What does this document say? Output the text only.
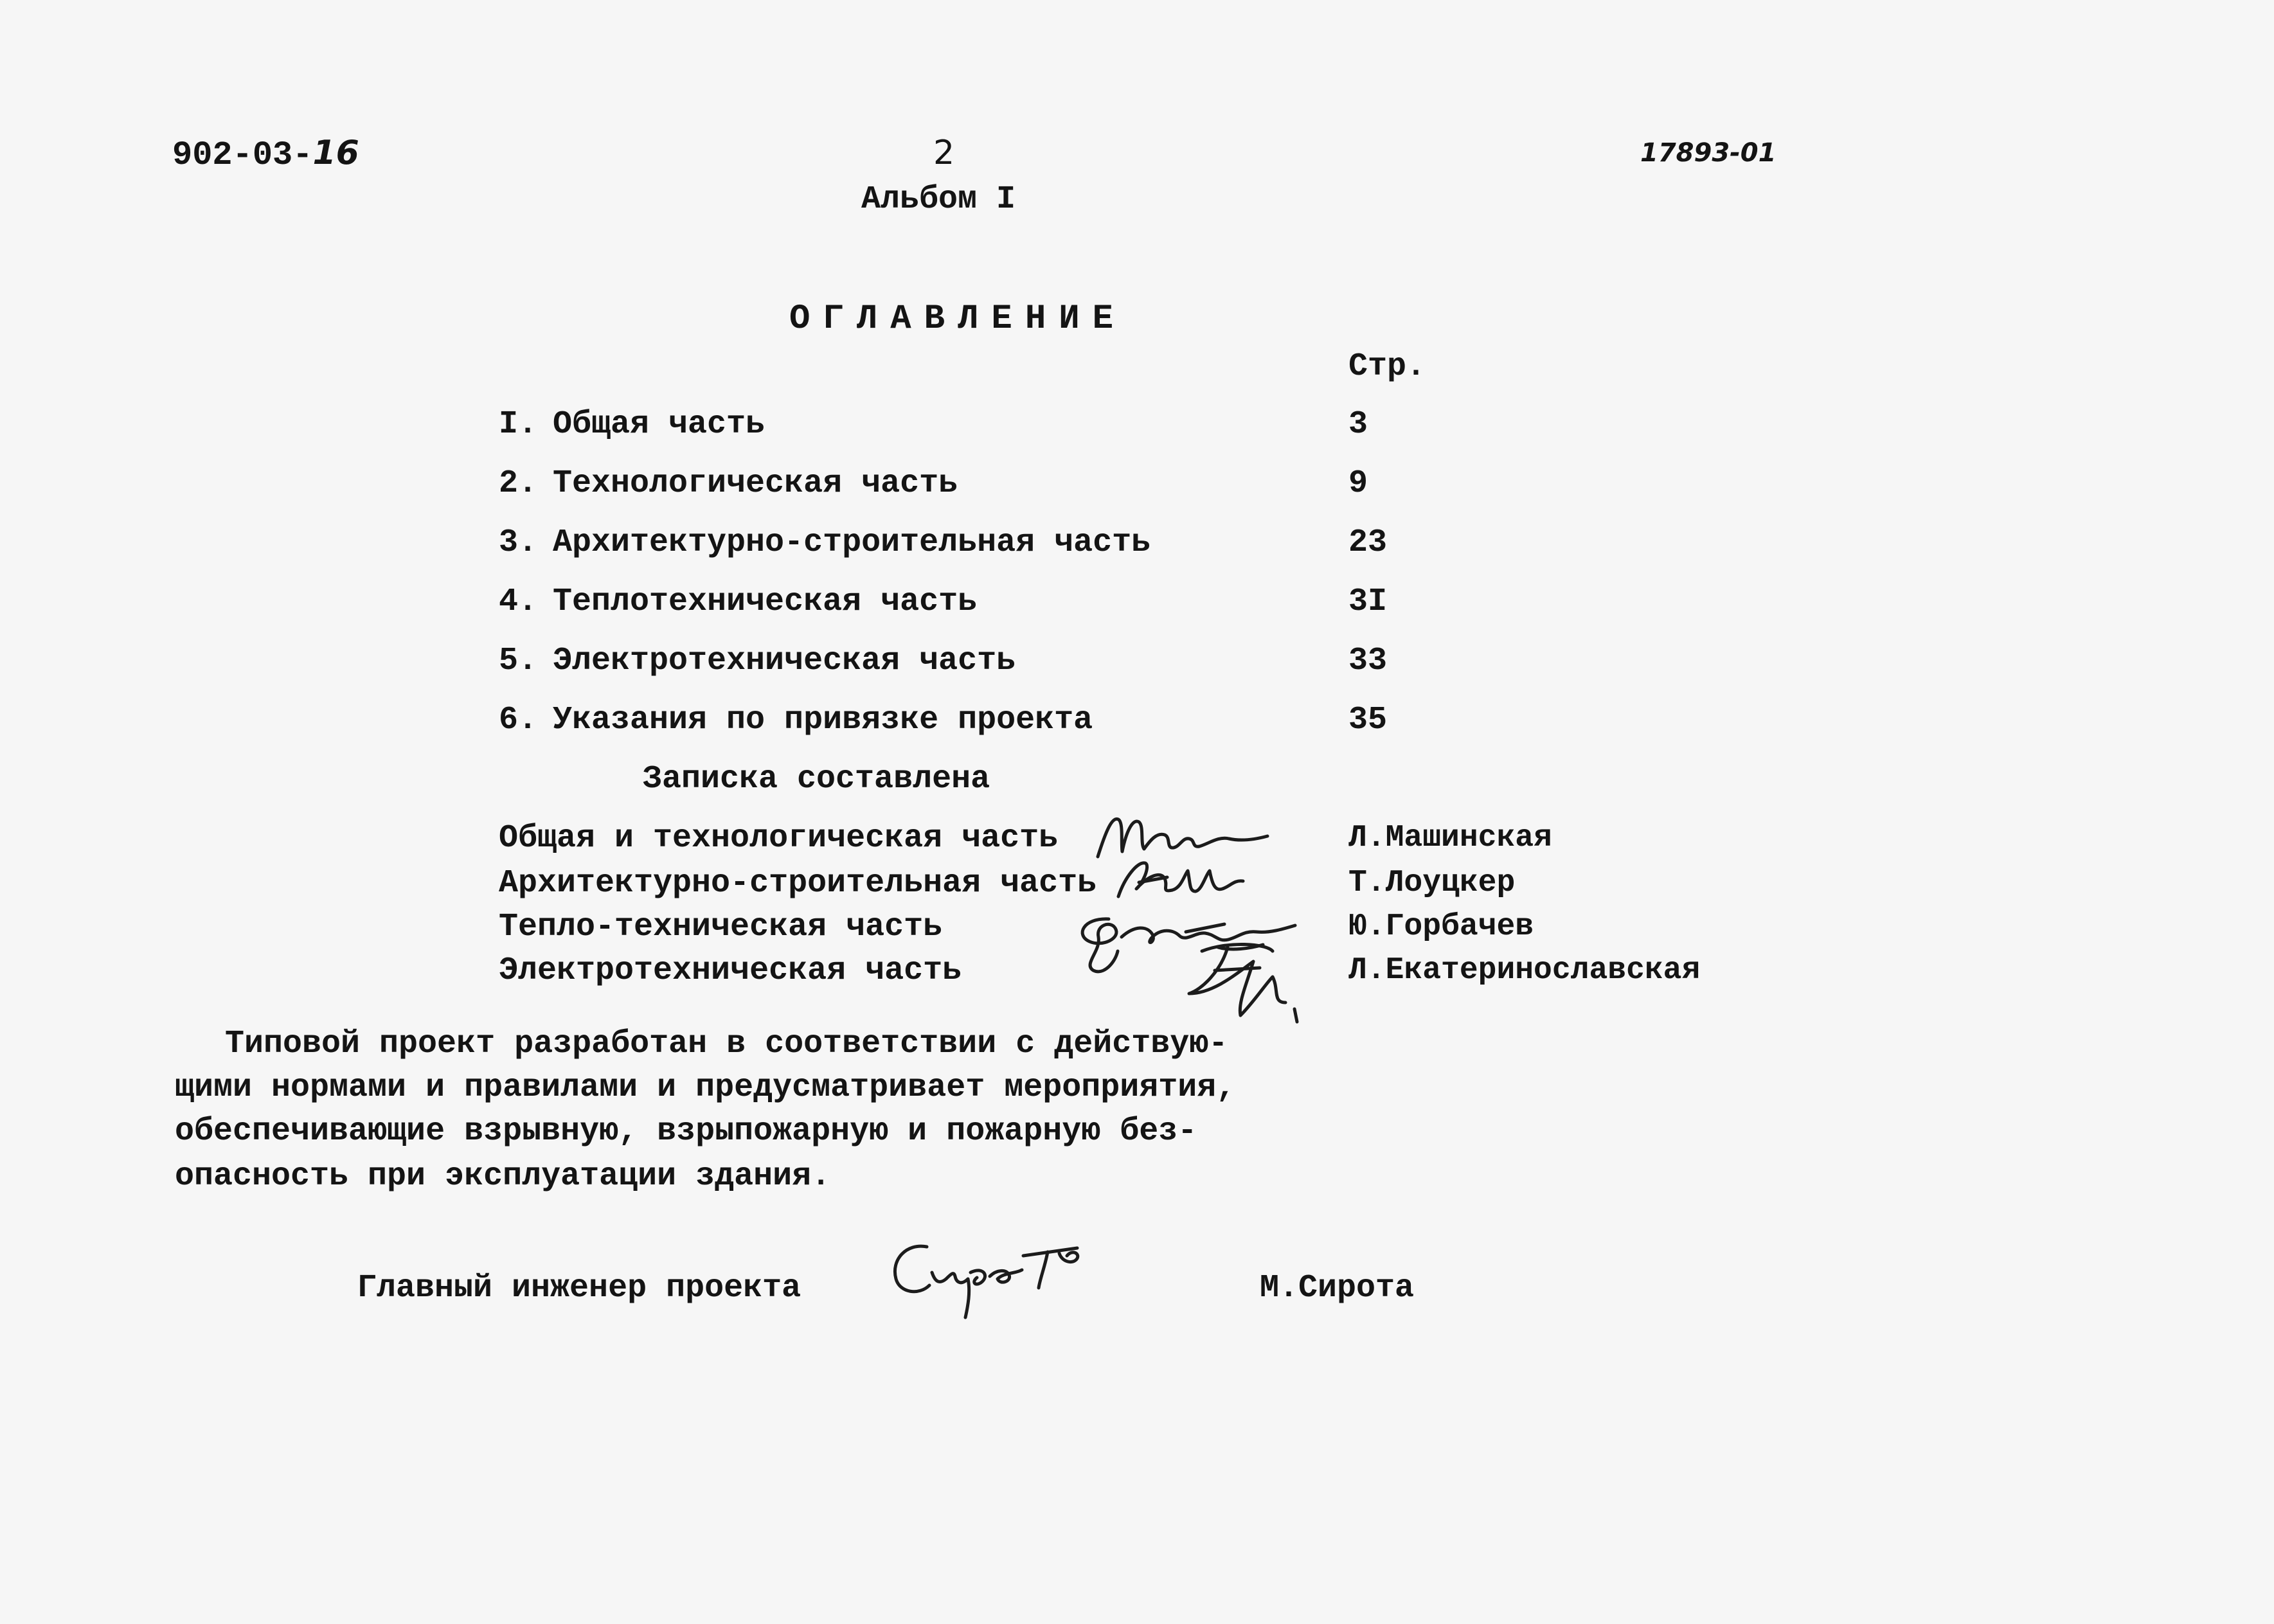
902-03-16	2	17893-01
Альбом I
ОГЛАВЛЕНИЕ
Стр.
I. Общая часть	3
2. Технологическая часть	9
3. Архитектурно-строительная часть	23
4. Теплотехническая часть	3I
5. Электротехническая часть	33
6. Указания по привязке проекта	35
Записка составлена
Общая и технологическая часть	Л.Машинская
Архитектурно-строительная часть	Т.Лоуцкер
Тепло-техническая часть	Ю.Горбачев
Электротехническая часть	Л.Екатеринославская
Типовой проект разработан в соответствии с действую-
щими нормами и правилами и предусматривает мероприятия,
обеспечивающие взрывную, взрыпожарную и пожарную без-
опасность при эксплуатации здания.
Главный инженер проекта	М.Сирота
